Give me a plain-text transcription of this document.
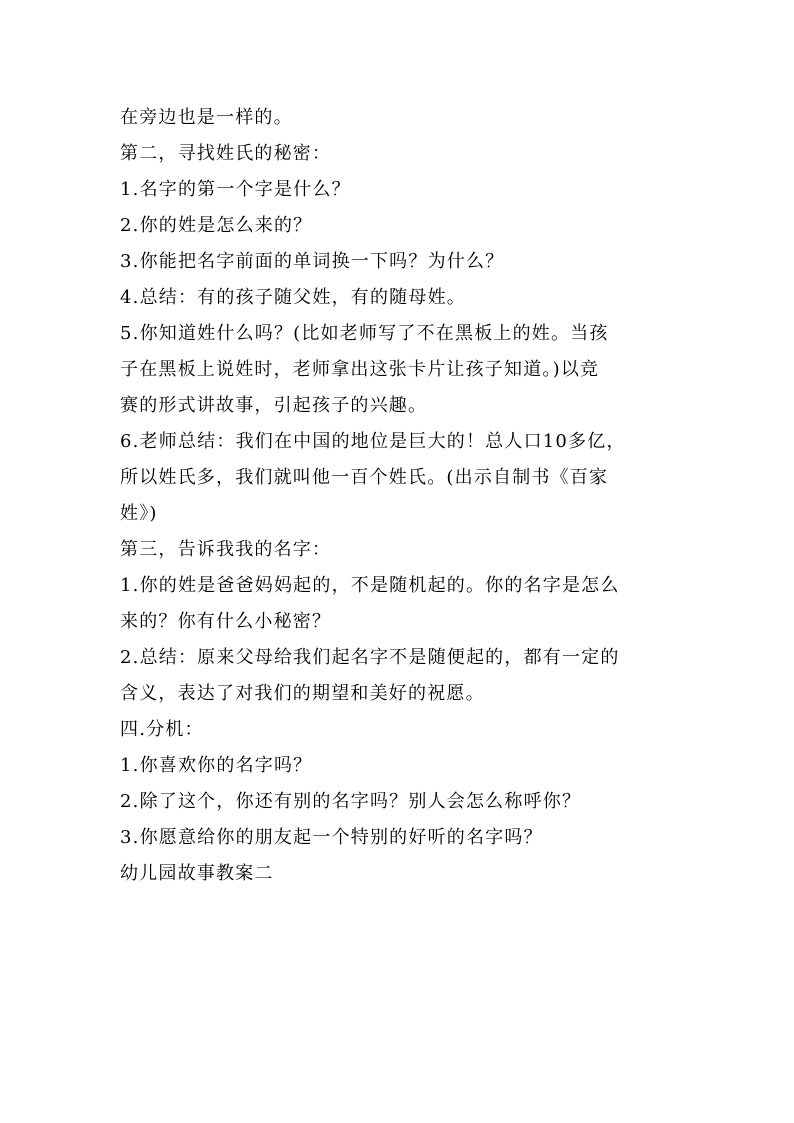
在旁边也是一样的。
第二，寻找姓氏的秘密：
1.名字的第一个字是什么？
2.你的姓是怎么来的？
3.你能把名字前面的单词换一下吗？为什么？
4.总结：有的孩子随父姓，有的随母姓。
5.你知道姓什么吗？(比如老师写了不在黑板上的姓。当孩
子在黑板上说姓时，老师拿出这张卡片让孩子知道。)以竞
赛的形式讲故事，引起孩子的兴趣。
6.老师总结：我们在中国的地位是巨大的！总人口10多亿，
所以姓氏多，我们就叫他一百个姓氏。(出示自制书《百家
姓》)
第三，告诉我我的名字：
1.你的姓是爸爸妈妈起的，不是随机起的。你的名字是怎么
来的？你有什么小秘密？
2.总结：原来父母给我们起名字不是随便起的，都有一定的
含义，表达了对我们的期望和美好的祝愿。
四.分机：
1.你喜欢你的名字吗？
2.除了这个，你还有别的名字吗？别人会怎么称呼你？
3.你愿意给你的朋友起一个特别的好听的名字吗？
幼儿园故事教案二
